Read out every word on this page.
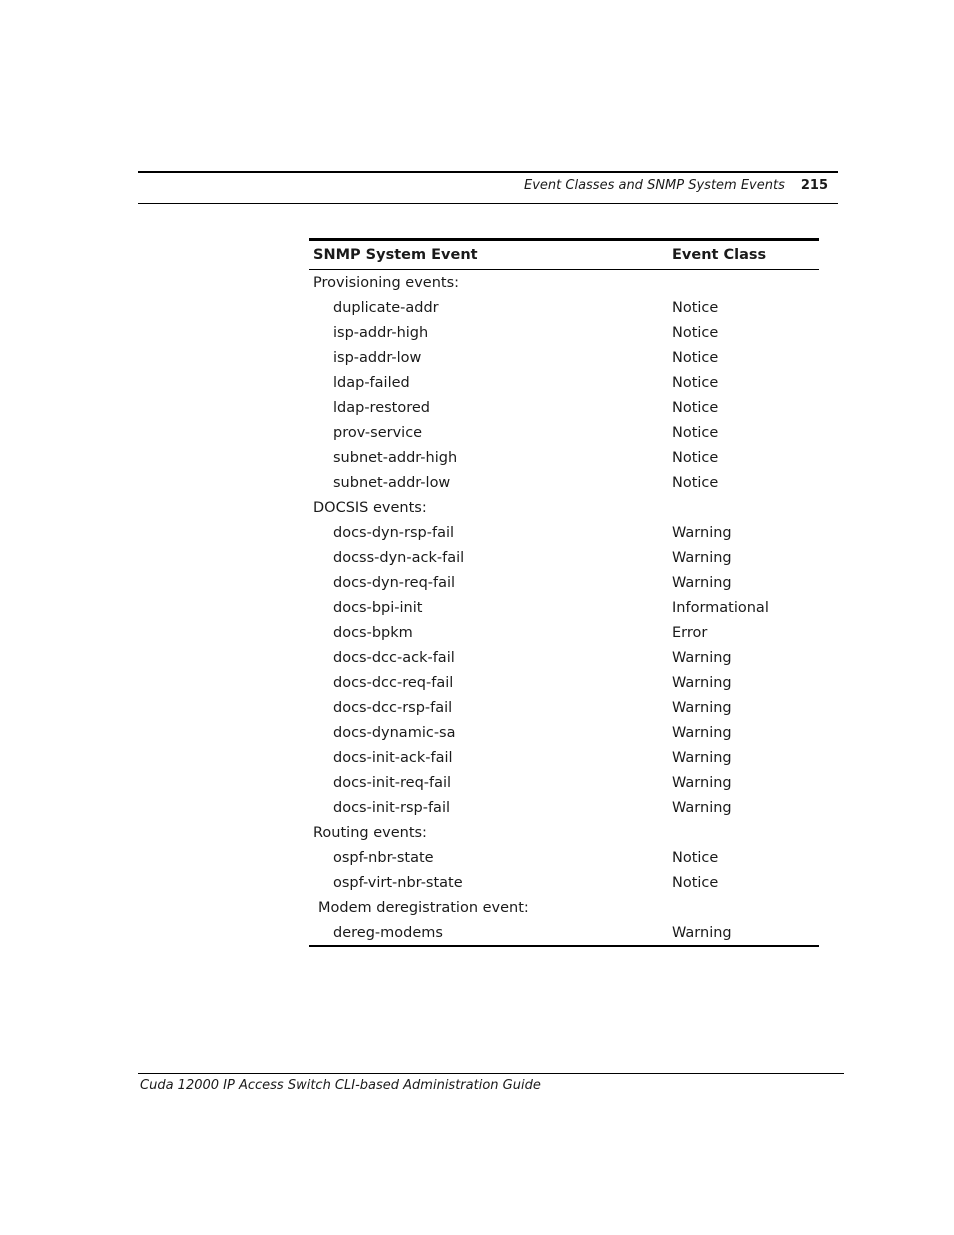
Event Classes and SNMP System Events 215
SNMP System Event	Event Class
Provisioning events:	
duplicate-addr	Notice
isp-addr-high	Notice
isp-addr-low	Notice
ldap-failed	Notice
ldap-restored	Notice
prov-service	Notice
subnet-addr-high	Notice
subnet-addr-low	Notice
DOCSIS events:	
docs-dyn-rsp-fail	Warning
docss-dyn-ack-fail	Warning
docs-dyn-req-fail	Warning
docs-bpi-init	Informational
docs-bpkm	Error
docs-dcc-ack-fail	Warning
docs-dcc-req-fail	Warning
docs-dcc-rsp-fail	Warning
docs-dynamic-sa	Warning
docs-init-ack-fail	Warning
docs-init-req-fail	Warning
docs-init-rsp-fail	Warning
Routing events:	
ospf-nbr-state	Notice
ospf-virt-nbr-state	Notice
Modem deregistration event:	
dereg-modems	Warning
Cuda 12000 IP Access Switch CLI-based Administration Guide
